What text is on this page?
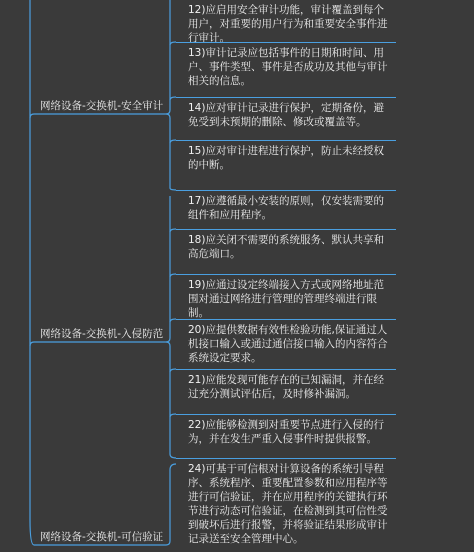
网络设备-交换机-安全审计
网络设备-交换机-入侵防范
网络设备-交换机-可信验证
12)应启用安全审计功能，审计覆盖到每个用户，对重要的用户行为和重要安全事件进行审计。
13)审计记录应包括事件的日期和时间、用户、事件类型、事件是否成功及其他与审计相关的信息。
14)应对审计记录进行保护，定期备份，避免受到未预期的删除、修改或覆盖等。
15)应对审计进程进行保护，防止未经授权的中断。
17)应遵循最小安装的原则，仅安装需要的组件和应用程序。
18)应关闭不需要的系统服务、默认共享和高危端口。
19)应通过设定终端接入方式或网络地址范围对通过网络进行管理的管理终端进行限制。
20)应提供数据有效性检验功能,保证通过人机接口输入或通过通信接口输入的内容符合系统设定要求。
21)应能发现可能存在的已知漏洞，并在经过充分测试评估后，及时修补漏洞。
22)应能够检测到对重要节点进行入侵的行为，并在发生严重入侵事件时提供报警。
24)可基于可信根对计算设备的系统引导程序、系统程序、重要配置参数和应用程序等进行可信验证，并在应用程序的关键执行环节进行动态可信验证，在检测到其可信性受到破坏后进行报警，并将验证结果形成审计记录送至安全管理中心。
